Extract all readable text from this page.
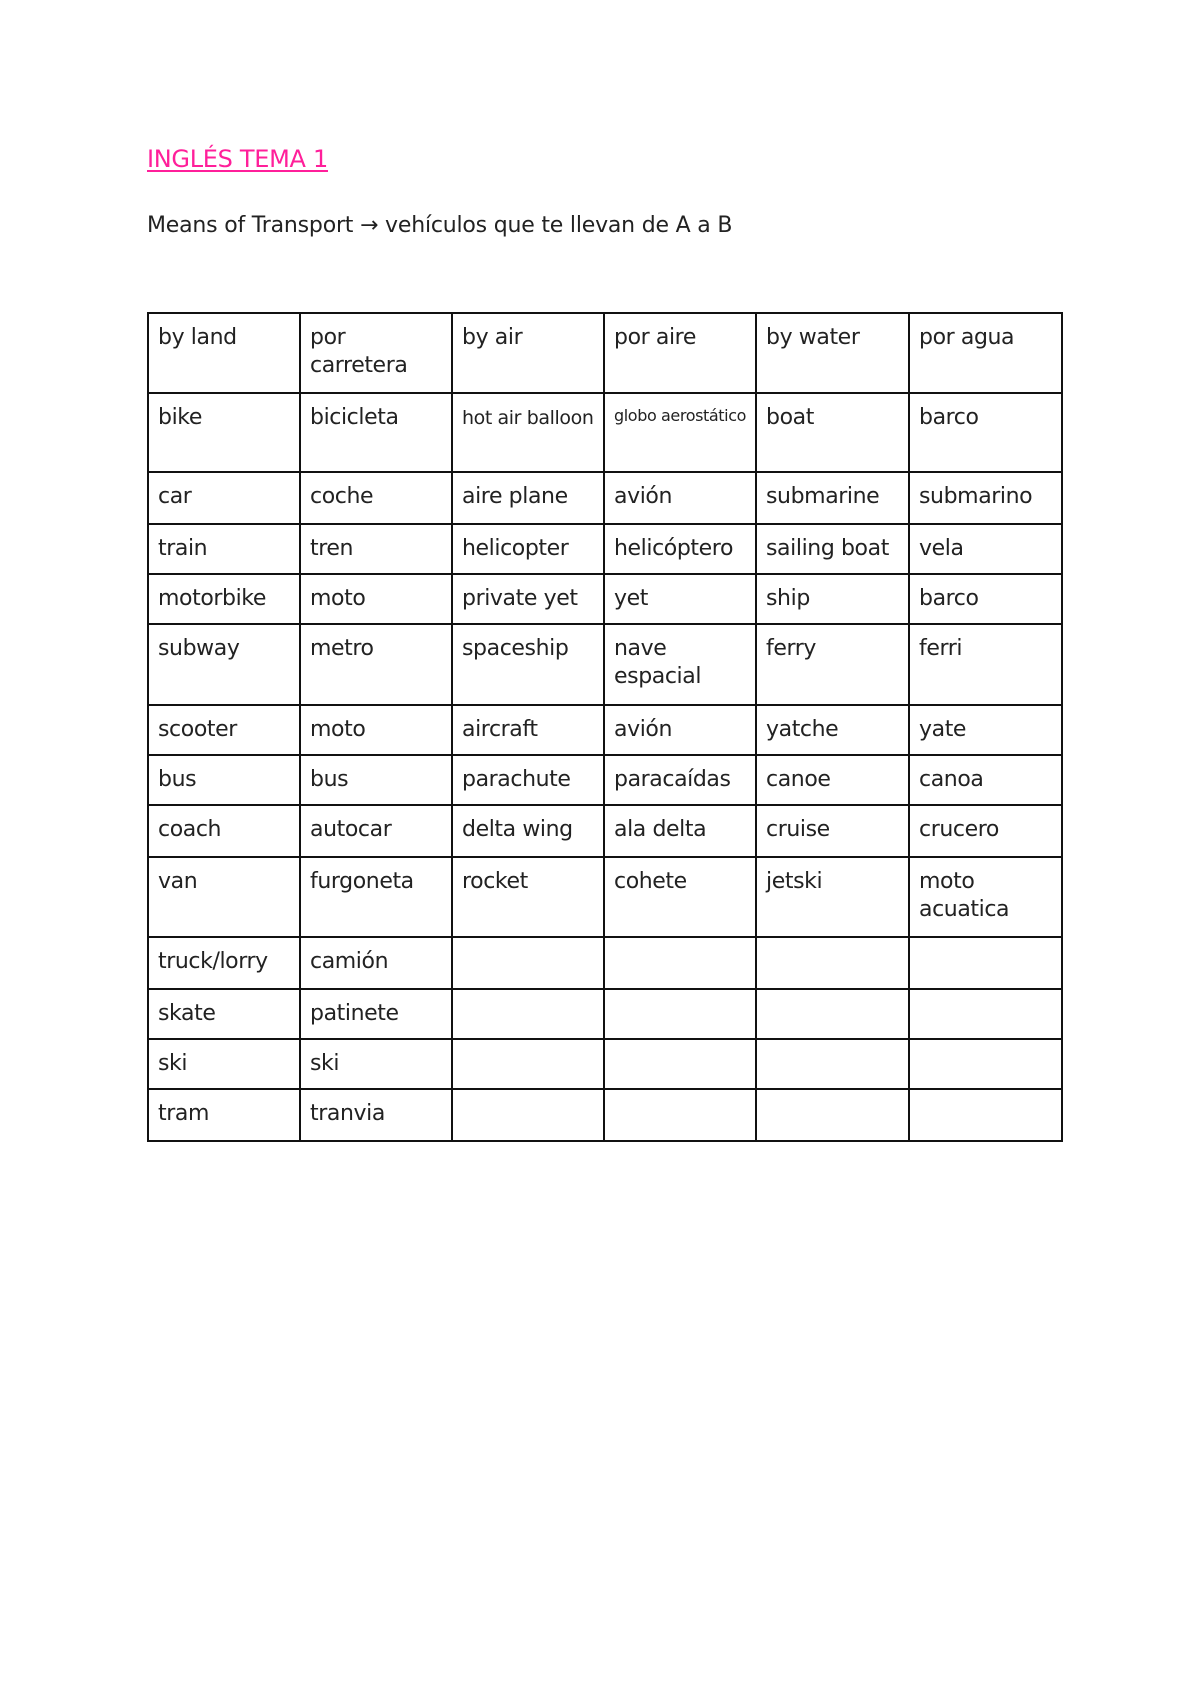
INGLÉS TEMA 1
Means of Transport → vehículos que te llevan de A a B
by land	por carretera	by air	por aire	by water	por agua
bike	bicicleta	hot air balloon	globo aerostático	boat	barco
car	coche	aire plane	avión	submarine	submarino
train	tren	helicopter	helicóptero	sailing boat	vela
motorbike	moto	private yet	yet	ship	barco
subway	metro	spaceship	nave espacial	ferry	ferri
scooter	moto	aircraft	avión	yatche	yate
bus	bus	parachute	paracaídas	canoe	canoa
coach	autocar	delta wing	ala delta	cruise	crucero
van	furgoneta	rocket	cohete	jetski	moto acuatica
truck/lorry	camión				
skate	patinete				
ski	ski				
tram	tranvia				
